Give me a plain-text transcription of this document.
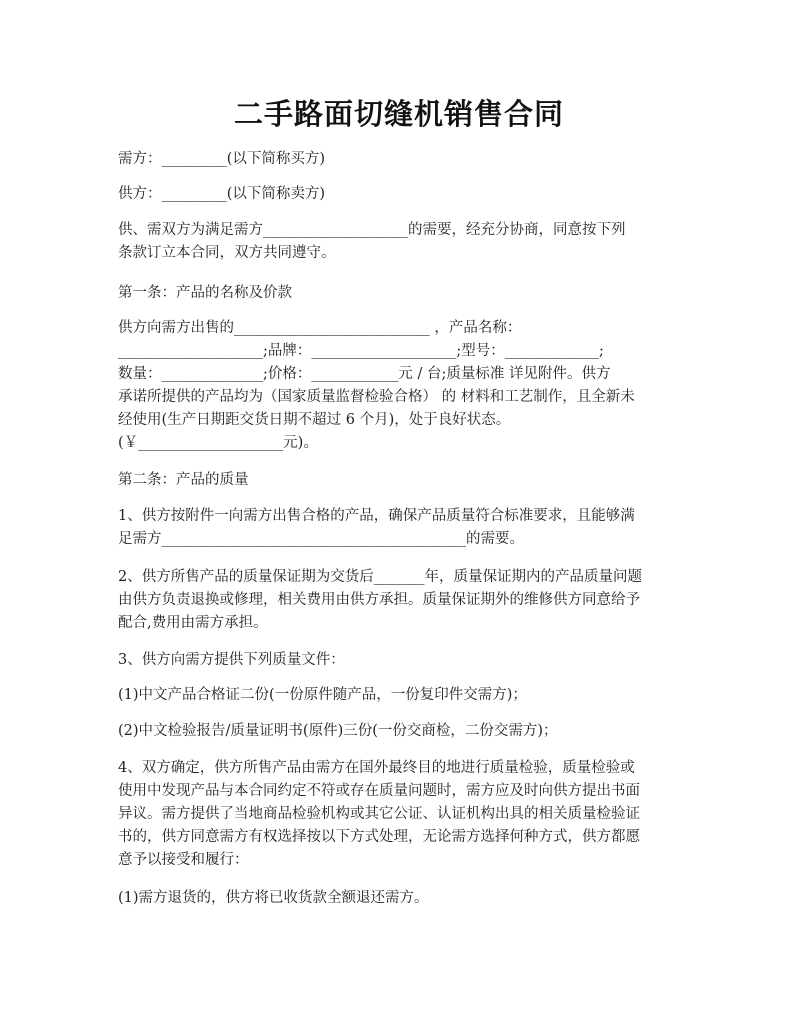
二手路面切缝机销售合同

需方：_________(以下简称买方)

供方：_________(以下简称卖方)

供、需双方为满足需方____________________的需要，经充分协商，同意按下列
条款订立本合同，双方共同遵守。

第一条：产品的名称及价款

供方向需方出售的___________________________ ，产品名称：
____________________;品牌：____________________;型号：_____________;
数量：______________;价格：____________元 / 台;质量标准 详见附件。供方
承诺所提供的产品均为（国家质量监督检验合格） 的 材料和工艺制作，且全新未
经使用(生产日期距交货日期不超过 6 个月)，处于良好状态。
(￥____________________元)。

第二条：产品的质量

1、供方按附件一向需方出售合格的产品，确保产品质量符合标准要求，且能够满
足需方__________________________________________的需要。

2、供方所售产品的质量保证期为交货后_______年，质量保证期内的产品质量问题
由供方负责退换或修理，相关费用由供方承担。质量保证期外的维修供方同意给予
配合,费用由需方承担。

3、供方向需方提供下列质量文件：

(1)中文产品合格证二份(一份原件随产品，一份复印件交需方)；

(2)中文检验报告/质量证明书(原件)三份(一份交商检，二份交需方)；

4、双方确定，供方所售产品由需方在国外最终目的地进行质量检验，质量检验或
使用中发现产品与本合同约定不符或存在质量问题时，需方应及时向供方提出书面
异议。需方提供了当地商品检验机构或其它公证、认证机构出具的相关质量检验证
书的，供方同意需方有权选择按以下方式处理，无论需方选择何种方式，供方都愿
意予以接受和履行：

(1)需方退货的，供方将已收货款全额退还需方。
